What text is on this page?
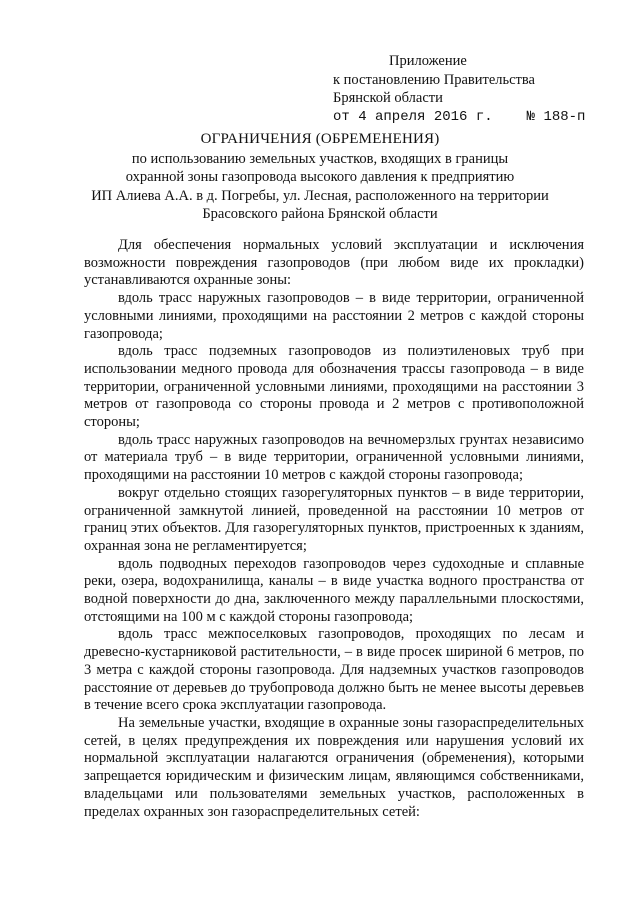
Приложение
к постановлению Правительства
Брянской области
от 4 апреля 2016 г. № 188-п
ОГРАНИЧЕНИЯ (ОБРЕМЕНЕНИЯ)
по использованию земельных участков, входящих в границы
охранной зоны газопровода высокого давления к предприятию
ИП Алиева А.А. в д. Погребы, ул. Лесная, расположенного на территории
Брасовского района Брянской области

Для обеспечения нормальных условий эксплуатации и исключения возможности повреждения газопроводов (при любом виде их прокладки) устанавливаются охранные зоны:

вдоль трасс наружных газопроводов – в виде территории, ограниченной условными линиями, проходящими на расстоянии 2 метров с каждой стороны газопровода;

вдоль трасс подземных газопроводов из полиэтиленовых труб при использовании медного провода для обозначения трассы газопровода – в виде территории, ограниченной условными линиями, проходящими на расстоянии 3 метров от газопровода со стороны провода и 2 метров с противоположной стороны;

вдоль трасс наружных газопроводов на вечномерзлых грунтах независимо от материала труб – в виде территории, ограниченной условными линиями, проходящими на расстоянии 10 метров с каждой стороны газопровода;

вокруг отдельно стоящих газорегуляторных пунктов – в виде территории, ограниченной замкнутой линией, проведенной на расстоянии 10 метров от границ этих объектов. Для газорегуляторных пунктов, пристроенных к зданиям, охранная зона не регламентируется;

вдоль подводных переходов газопроводов через судоходные и сплавные реки, озера, водохранилища, каналы – в виде участка водного пространства от водной поверхности до дна, заключенного между параллельными плоскостями, отстоящими на 100 м с каждой стороны газопровода;

вдоль трасс межпоселковых газопроводов, проходящих по лесам и древесно-кустарниковой растительности, – в виде просек шириной 6 метров, по 3 метра с каждой стороны газопровода. Для надземных участков газопроводов расстояние от деревьев до трубопровода должно быть не менее высоты деревьев в течение всего срока эксплуатации газопровода.

На земельные участки, входящие в охранные зоны газораспределительных сетей, в целях предупреждения их повреждения или нарушения условий их нормальной эксплуатации налагаются ограничения (обременения), которыми запрещается юридическим и физическим лицам, являющимся собственниками, владельцами или пользователями земельных участков, расположенных в пределах охранных зон газораспределительных сетей:
